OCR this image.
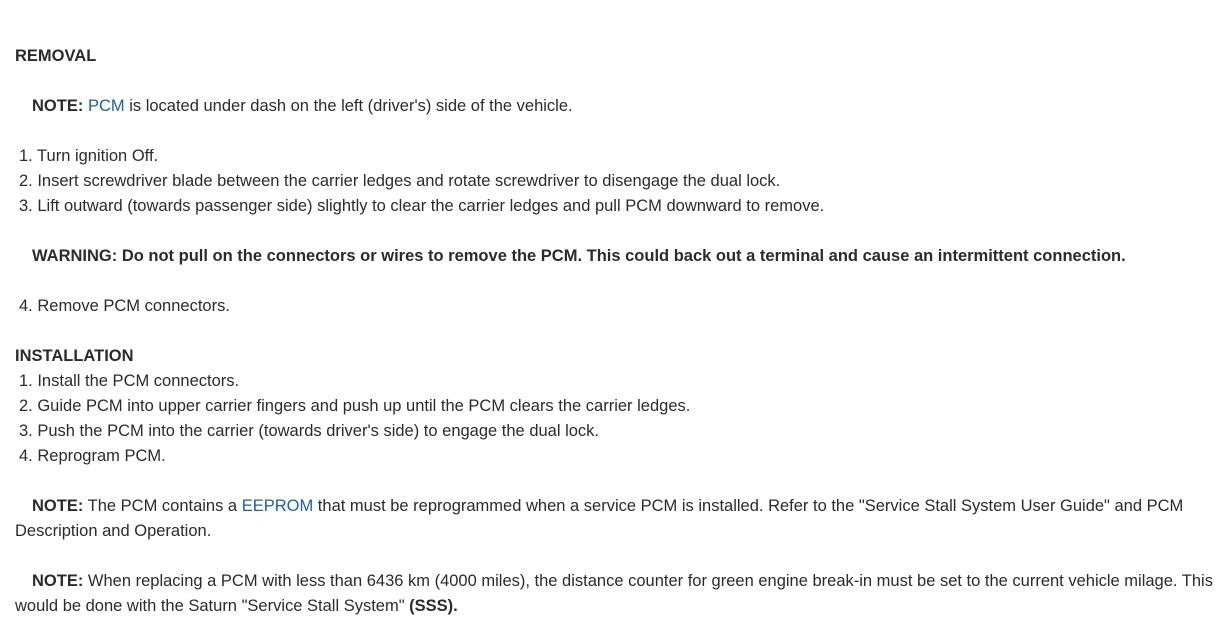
REMOVAL

NOTE: PCM is located under dash on the left (driver's) side of the vehicle.

1. Turn ignition Off.
2. Insert screwdriver blade between the carrier ledges and rotate screwdriver to disengage the dual lock.
3. Lift outward (towards passenger side) slightly to clear the carrier ledges and pull PCM downward to remove.

WARNING: Do not pull on the connectors or wires to remove the PCM. This could back out a terminal and cause an intermittent connection.

4. Remove PCM connectors.

INSTALLATION

1. Install the PCM connectors.
2. Guide PCM into upper carrier fingers and push up until the PCM clears the carrier ledges.
3. Push the PCM into the carrier (towards driver's side) to engage the dual lock.
4. Reprogram PCM.

NOTE: The PCM contains a EEPROM that must be reprogrammed when a service PCM is installed. Refer to the "Service Stall System User Guide" and PCM Description and Operation.

NOTE: When replacing a PCM with less than 6436 km (4000 miles), the distance counter for green engine break-in must be set to the current vehicle milage. This would be done with the Saturn "Service Stall System" (SSS).
